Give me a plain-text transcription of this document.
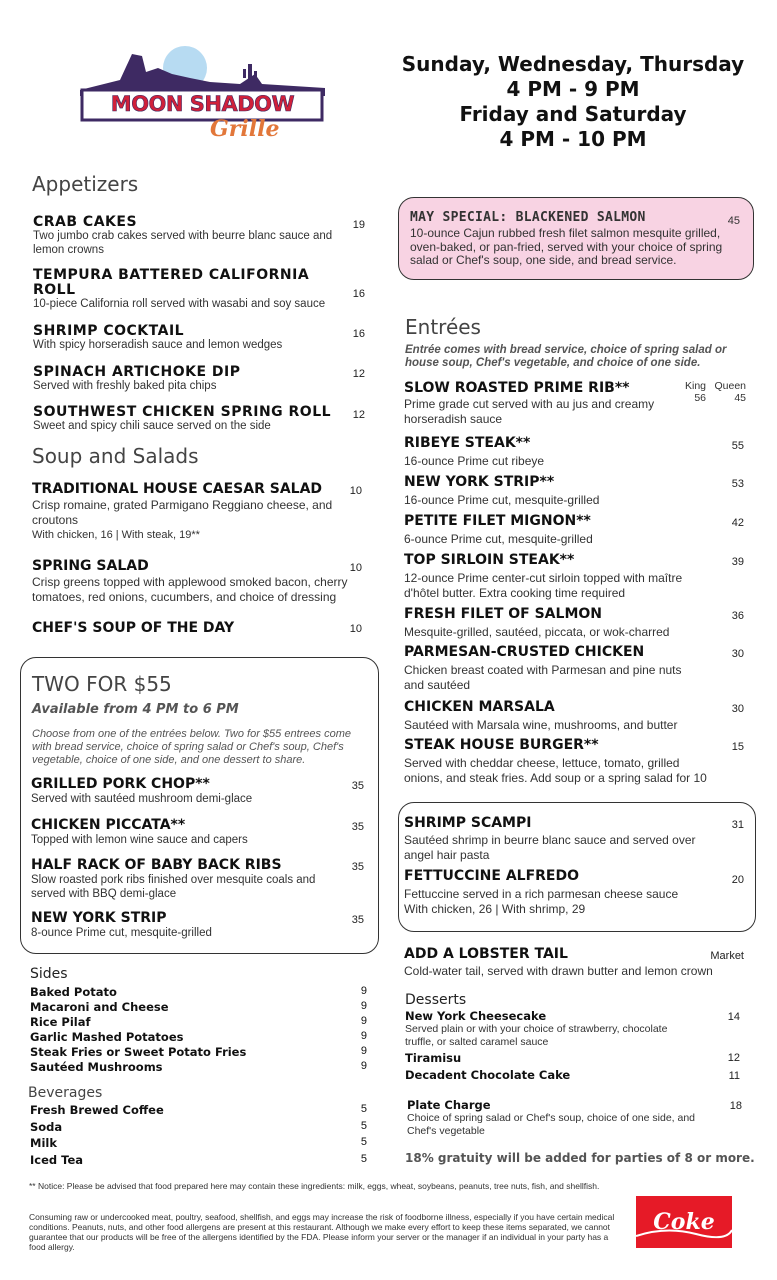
MOON SHADOW
Grille
Sunday, Wednesday, Thursday
4 PM - 9 PM
Friday and Saturday
4 PM - 10 PM
Appetizers
CRAB CAKES
Two jumbo crab cakes served with beurre blanc sauce and lemon crowns
19
TEMPURA BATTERED CALIFORNIA ROLL
10-piece California roll served with wasabi and soy sauce
16
SHRIMP COCKTAIL
With spicy horseradish sauce and lemon wedges
16
SPINACH ARTICHOKE DIP
Served with freshly baked pita chips
12
SOUTHWEST CHICKEN SPRING ROLL
Sweet and spicy chili sauce served on the side
12
Soup and Salads
TRADITIONAL HOUSE CAESAR SALAD
Crisp romaine, grated Parmigano Reggiano cheese, and croutons
With chicken, 16 | With steak, 19**
10
SPRING SALAD
Crisp greens topped with applewood smoked bacon, cherry tomatoes, red onions, cucumbers, and choice of dressing
10
CHEF'S SOUP OF THE DAY	10
TWO FOR $55
Available from 4 PM to 6 PM
Choose from one of the entrées below. Two for $55 entrees come with bread service, choice of spring salad or Chef's soup, Chef's vegetable, choice of one side, and one dessert to share.
GRILLED PORK CHOP**
Served with sautéed mushroom demi-glace
35
CHICKEN PICCATA**
Topped with lemon wine sauce and capers
35
HALF RACK OF BABY BACK RIBS
Slow roasted pork ribs finished over mesquite coals and served with BBQ demi-glace
35
NEW YORK STRIP
8-ounce Prime cut, mesquite-grilled
35
Sides
Baked Potato	9
Macaroni and Cheese	9
Rice Pilaf	9
Garlic Mashed Potatoes	9
Steak Fries or Sweet Potato Fries	9
Sautéed Mushrooms	9
Beverages
Fresh Brewed Coffee	5
Soda	5
Milk	5
Iced Tea	5
MAY SPECIAL: BLACKENED SALMON	45
10-ounce Cajun rubbed fresh filet salmon mesquite grilled, oven-baked, or pan-fried, served with your choice of spring salad or Chef's soup, one side, and bread service.
Entrées
Entrée comes with bread service, choice of spring salad or house soup, Chef's vegetable, and choice of one side.
SLOW ROASTED PRIME RIB**
Prime grade cut served with au jus and creamy horseradish sauce
King
56
Queen
45
RIBEYE STEAK**
16-ounce Prime cut ribeye
55
NEW YORK STRIP**
16-ounce Prime cut, mesquite-grilled
53
PETITE FILET MIGNON**
6-ounce Prime cut, mesquite-grilled
42
TOP SIRLOIN STEAK**
12-ounce Prime center-cut sirloin topped with maître d'hôtel butter. Extra cooking time required
39
FRESH FILET OF SALMON
Mesquite-grilled, sautéed, piccata, or wok-charred
36
PARMESAN-CRUSTED CHICKEN
Chicken breast coated with Parmesan and pine nuts and sautéed
30
CHICKEN MARSALA
Sautéed with Marsala wine, mushrooms, and butter
30
STEAK HOUSE BURGER**
Served with cheddar cheese, lettuce, tomato, grilled onions, and steak fries. Add soup or a spring salad for 10
15
SHRIMP SCAMPI
Sautéed shrimp in beurre blanc sauce and served over angel hair pasta
31
FETTUCCINE ALFREDO
Fettuccine served in a rich parmesan cheese sauce
With chicken, 26 | With shrimp, 29
20
ADD A LOBSTER TAIL
Cold-water tail, served with drawn butter and lemon crown
Market
Desserts
New York Cheesecake
Served plain or with your choice of strawberry, chocolate truffle, or salted caramel sauce
14
Tiramisu	12
Decadent Chocolate Cake	11
Plate Charge
Choice of spring salad or Chef's soup, choice of one side, and Chef's vegetable
18
18% gratuity will be added for parties of 8 or more.
** Notice: Please be advised that food prepared here may contain these ingredients: milk, eggs, wheat, soybeans, peanuts, tree nuts, fish, and shellfish.
Consuming raw or undercooked meat, poultry, seafood, shellfish, and eggs may increase the risk of foodborne illness, especially if you have certain medical conditions. Peanuts, nuts, and other food allergens are present at this restaurant. Although we make every effort to keep these items separated, we cannot guarantee that our products will be free of the allergens identified by the FDA. Please inform your server or the manager if an individual in your party has a food allergy.
Coke
